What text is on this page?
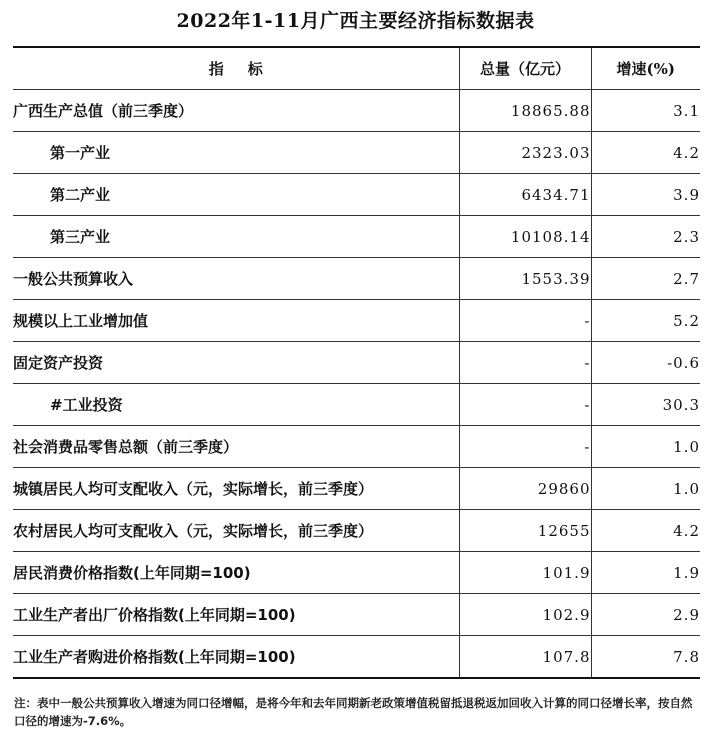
2022年1-11月广西主要经济指标数据表
指 标	总量（亿元）	增速(%)
广西生产总值（前三季度）	18865.88	3.1
第一产业	2323.03	4.2
第二产业	6434.71	3.9
第三产业	10108.14	2.3
一般公共预算收入	1553.39	2.7
规模以上工业增加值	-	5.2
固定资产投资	-	-0.6
#工业投资	-	30.3
社会消费品零售总额（前三季度）	-	1.0
城镇居民人均可支配收入（元，实际增长，前三季度）	29860	1.0
农村居民人均可支配收入（元，实际增长，前三季度）	12655	4.2
居民消费价格指数(上年同期=100)	101.9	1.9
工业生产者出厂价格指数(上年同期=100)	102.9	2.9
工业生产者购进价格指数(上年同期=100)	107.8	7.8
注：表中一般公共预算收入增速为同口径增幅，是将今年和去年同期新老政策增值税留抵退税返加回收入计算的同口径增长率，按自然口径的增速为-7.6%。
